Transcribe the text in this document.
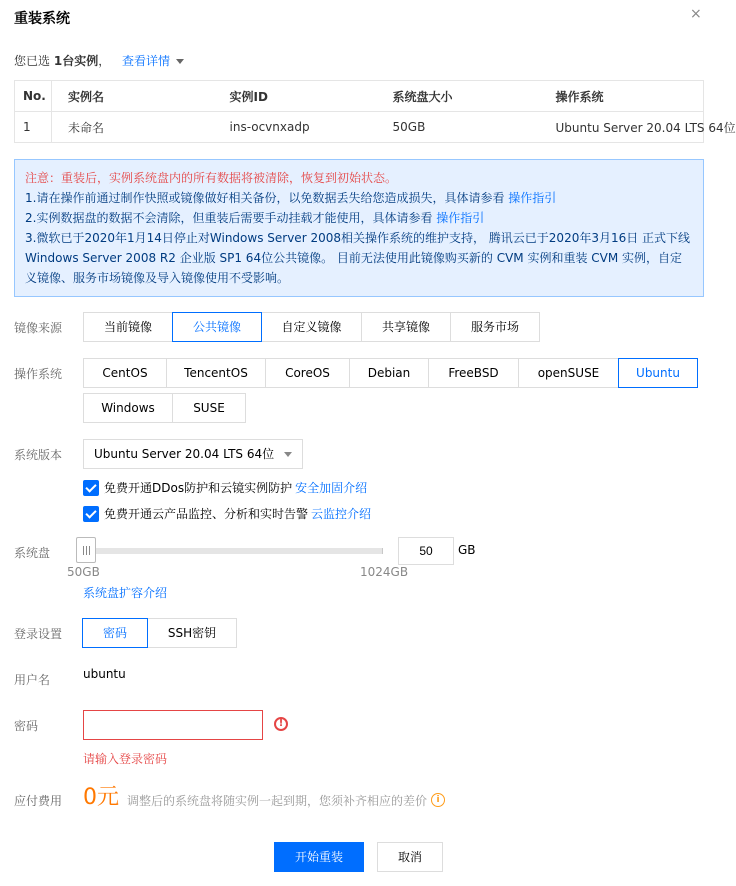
重装系统	×
您已选 1台实例， 查看详情
No.	实例名	实例ID	系统盘大小	操作系统
1	未命名	ins-ocvnxadp	50GB	Ubuntu Server 20.04 LTS 64位
注意：重装后，实例系统盘内的所有数据将被清除，恢复到初始状态。
1.请在操作前通过制作快照或镜像做好相关备份，以免数据丢失给您造成损失，具体请参看 操作指引
2.实例数据盘的数据不会清除，但重装后需要手动挂载才能使用，具体请参看 操作指引
3.微软已于2020年1月14日停止对Windows Server 2008相关操作系统的维护支持， 腾讯云已于2020年3月16日 正式下线 Windows Server 2008 R2 企业版 SP1 64位公共镜像。 目前无法使用此镜像购买新的 CVM 实例和重装 CVM 实例，自定义镜像、服务市场镜像及导入镜像使用不受影响。
镜像来源	当前镜像	公共镜像	自定义镜像	共享镜像	服务市场
操作系统	CentOS	TencentOS	CoreOS	Debian	FreeBSD	openSUSE	Ubuntu
Windows	SUSE
系统版本	Ubuntu Server 20.04 LTS 64位
免费开通DDos防护和云镜实例防护 安全加固介绍
免费开通云产品监控、分析和实时告警 云监控介绍
系统盘
50GB	1024GB
50
GB
系统盘扩容介绍
登录设置	密码	SSH密钥
用户名	ubuntu
密码	!
请输入登录密码
应付费用 0元 调整后的系统盘将随实例一起到期，您须补齐相应的差价	i
开始重装	取消
